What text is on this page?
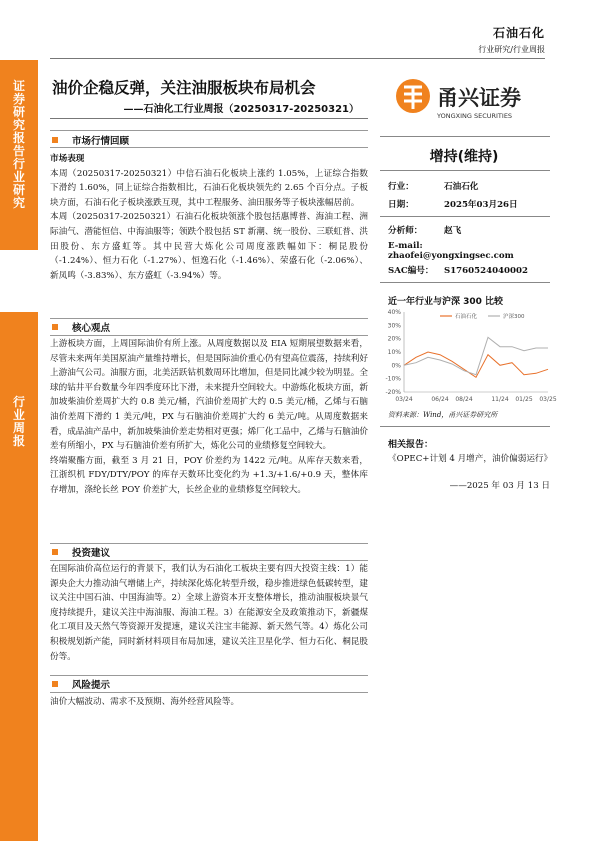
石油石化
行业研究/行业周报
证券研究报告 行业研究
行业周报
油价企稳反弹，关注油服板块布局机会
——石油化工行业周报（20250317-20250321）	甬兴证券
YONGXING SECURITIES
增持(维持)
行业：	石油石化
日期：	2025年03月26日
分析师：	赵飞
E-mail:zhaofei@yongxingsec.com
SAC编号： S1760524040002
近一年行业与沪深 300 比较
-20%
-10%
0%
10%
20%
30%
40%
03/24	06/24 08/24	11/24 01/25 03/25
石油石化	沪深300
资料来源：Wind，甬兴证券研究所
相关报告：
《OPEC+计划 4 月增产，油价偏弱运行》
——2025 年 03 月 13 日
市场行情回顾

市场表现

本周（20250317-20250321）中信石油石化板块上涨约 1.05%，上证综合指数下滑约 1.60%，同上证综合指数相比，石油石化板块领先约 2.65 个百分点。子板块方面，石油石化子板块涨跌互现，其中工程服务、油田服务等子板块涨幅居前。

本周（20250317-20250321）石油石化板块领涨个股包括惠博普、海油工程、洲际油气、潜能恒信、中海油服等；领跌个股包括 ST 新潮、统一股份、三联虹普、洪田股份、东方盛虹等。其中民营大炼化公司周度涨跌幅如下：桐昆股份（-1.24%）、恒力石化（-1.27%）、恒逸石化（-1.46%）、荣盛石化（-2.06%）、新凤鸣（-3.83%）、东方盛虹（-3.94%）等。

核心观点

上游板块方面，上周国际油价有所上涨。从周度数据以及 EIA 短期展望数据来看，尽管未来两年美国原油产量维持增长，但是国际油价重心仍有望高位震荡，持续利好上游油气公司。油服方面，北美活跃钻机数周环比增加，但是同比减少较为明显。全球的钻井平台数量今年四季度环比下滑，未来提升空间较大。中游炼化板块方面，新加坡柴油价差周扩大约 0.8 美元/桶，汽油价差周扩大约 0.5 美元/桶，乙烯与石脑油价差周下滑约 1 美元/吨，PX 与石脑油价差周扩大约 6 美元/吨。从周度数据来看，成品油产品中，新加坡柴油价差走势相对更强；烯厂化工品中，乙烯与石脑油价差有所缩小，PX 与石脑油价差有所扩大，炼化公司的业绩修复空间较大。

终端聚酯方面，截至 3 月 21 日，POY 价差约为 1422 元/吨。从库存天数来看，江浙织机 FDY/DTY/POY 的库存天数环比变化约为 +1.3/+1.6/+0.9 天，整体库存增加，涤纶长丝 POY 价差扩大，长丝企业的业绩修复空间较大。

投资建议

在国际油价高位运行的背景下，我们认为石油化工板块主要有四大投资主线：1）能源央企大力推动油气增储上产，持续深化炼化转型升级，稳步推进绿色低碳转型，建议关注中国石油、中国海油等。2）全球上游资本开支整体增长，推动油服板块景气度持续提升，建议关注中海油服、海油工程。3）在能源安全及政策推动下，新疆煤化工项目及天然气等资源开发提速，建议关注宝丰能源、新天然气等。4）炼化公司积极规划新产能，同时新材料项目布局加速，建议关注卫星化学、恒力石化、桐昆股份等。

风险提示

油价大幅波动、需求不及预期、海外经营风险等。
